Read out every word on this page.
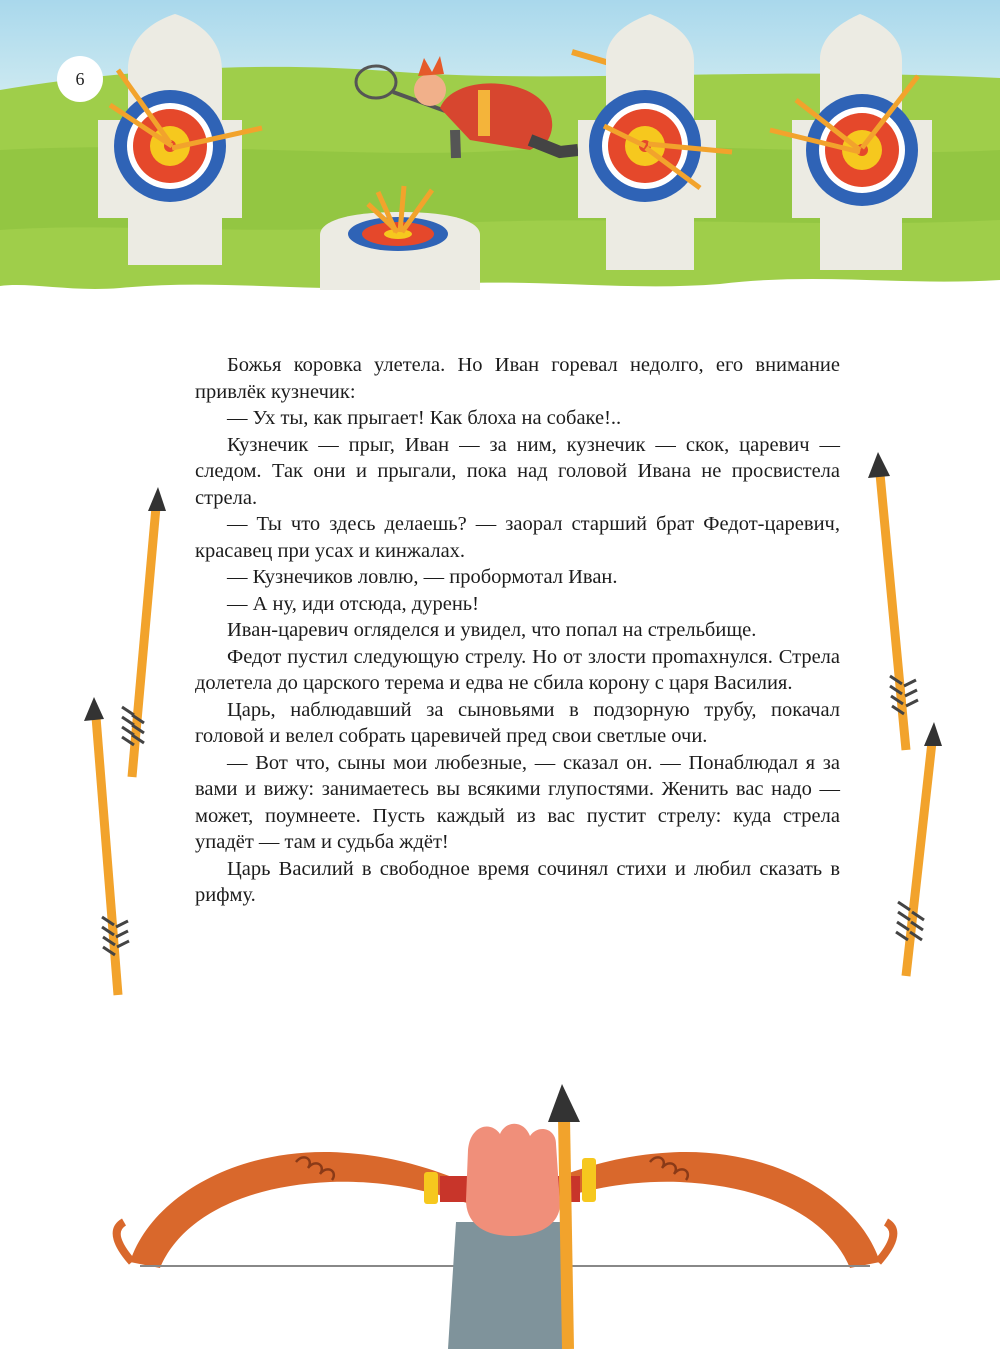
6

Божья коровка улетела. Но Иван горевал недолго, его внимание привлёк кузнечик:

— Ух ты, как прыгает! Как блоха на собаке!..

Кузнечик — прыг, Иван — за ним, кузнечик — скок, царевич — следом. Так они и прыгали, пока над головой Ивана не просвистела стрела.

— Ты что здесь делаешь? — заорал старший брат Федот-царевич, красавец при усах и кинжалах.

— Кузнечиков ловлю, — пробормотал Иван.

— А ну, иди отсюда, дурень!

Иван-царевич огляделся и увидел, что попал на стрельбище.

Федот пустил следующую стрелу. Но от злости проmахнулся. Стрела долетела до царского терема и едва не сбила корону с царя Василия.

Царь, наблюдавший за сыновьями в подзорную трубу, покачал головой и велел собрать царевичей пред свои светлые очи.

— Вот что, сыны мои любезные, — сказал он. — Понаблюдал я за вами и вижу: занимаетесь вы всякими глупостями. Женить вас надо — может, поумнеете. Пусть каждый из вас пустит стрелу: куда стрела упадёт — там и судьба ждёт!

Царь Василий в свободное время сочинял стихи и любил сказать в рифму.
